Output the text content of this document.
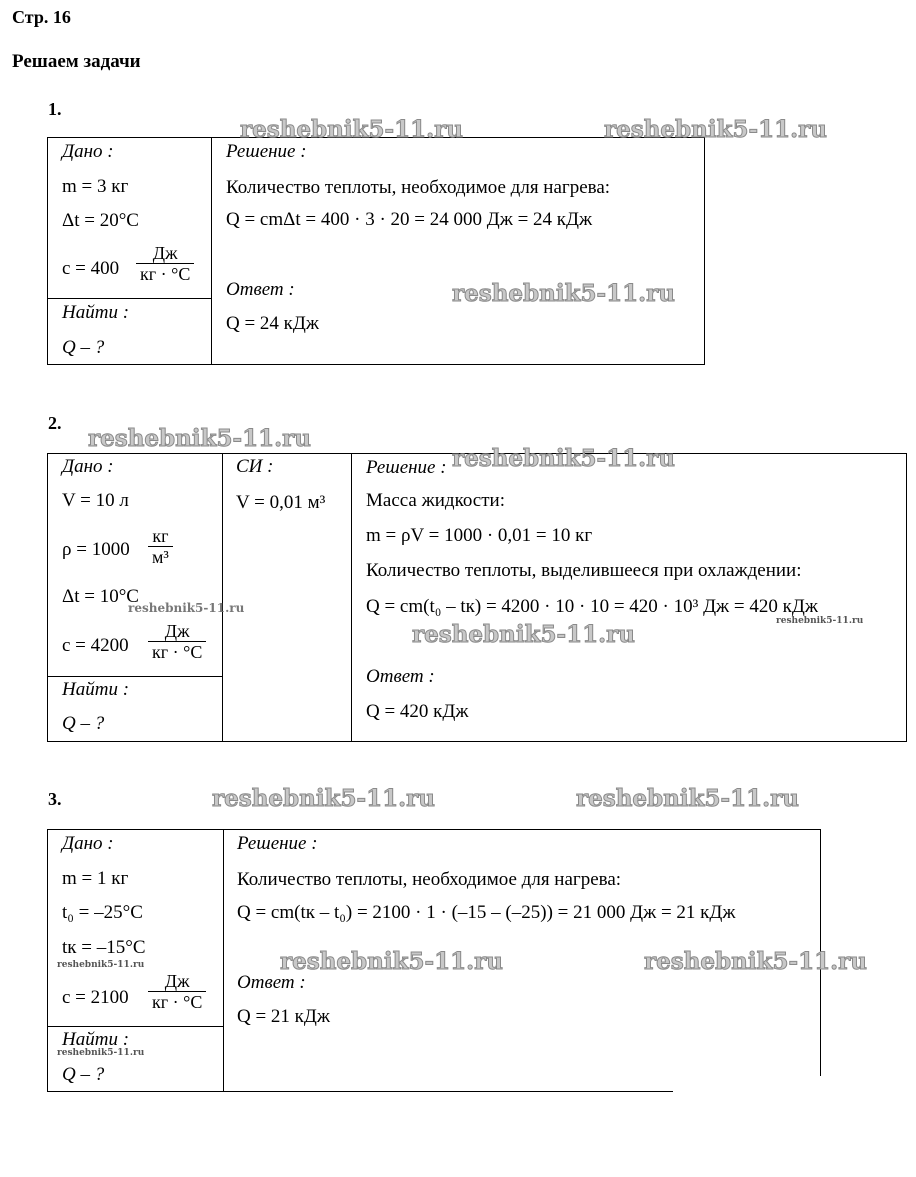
Стр. 16
Решаем задачи
1.
Дано :
m = 3 кг
Δt = 20°C
c = 400
Дж
кг · °C
Найти :
Q – ?
Решение :
Количество теплоты, необходимое для нагрева:
Q = cmΔt = 400 · 3 · 20 = 24 000 Дж = 24 кДж
Ответ :
Q = 24 кДж
reshebnik5-11.ru	reshebnik5-11.ru
reshebnik5-11.ru
2.
Дано :
V = 10 л
ρ = 1000
кг
м³
Δt = 10°C
c = 4200
Дж
кг · °C
Найти :
Q – ?
СИ :
V = 0,01 м³
Решение :
Масса жидкости:
m = ρV = 1000 · 0,01 = 10 кг
Количество теплоты, выделившееся при охлаждении:
Q = cm(t₀ – tк) = 4200 · 10 · 10 = 420 · 10³ Дж = 420 кДж
Ответ :
Q = 420 кДж
reshebnik5-11.ru
reshebnik5-11.ru
reshebnik5-11.ru
reshebnik5-11.ru	reshebnik5-11.ru
3.
Дано :
m = 1 кг
t₀ = –25°C
tк = –15°C
c = 2100
Дж
кг · °C
Найти :
Q – ?
Решение :
Количество теплоты, необходимое для нагрева:
Q = cm(tк – t₀) = 2100 · 1 · (–15 – (–25)) = 21 000 Дж = 21 кДж
Ответ :
Q = 21 кДж
reshebnik5-11.ru	reshebnik5-11.ru
reshebnik5-11.ru	reshebnik5-11.ru
reshebnik5-11.ru
reshebnik5-11.ru
